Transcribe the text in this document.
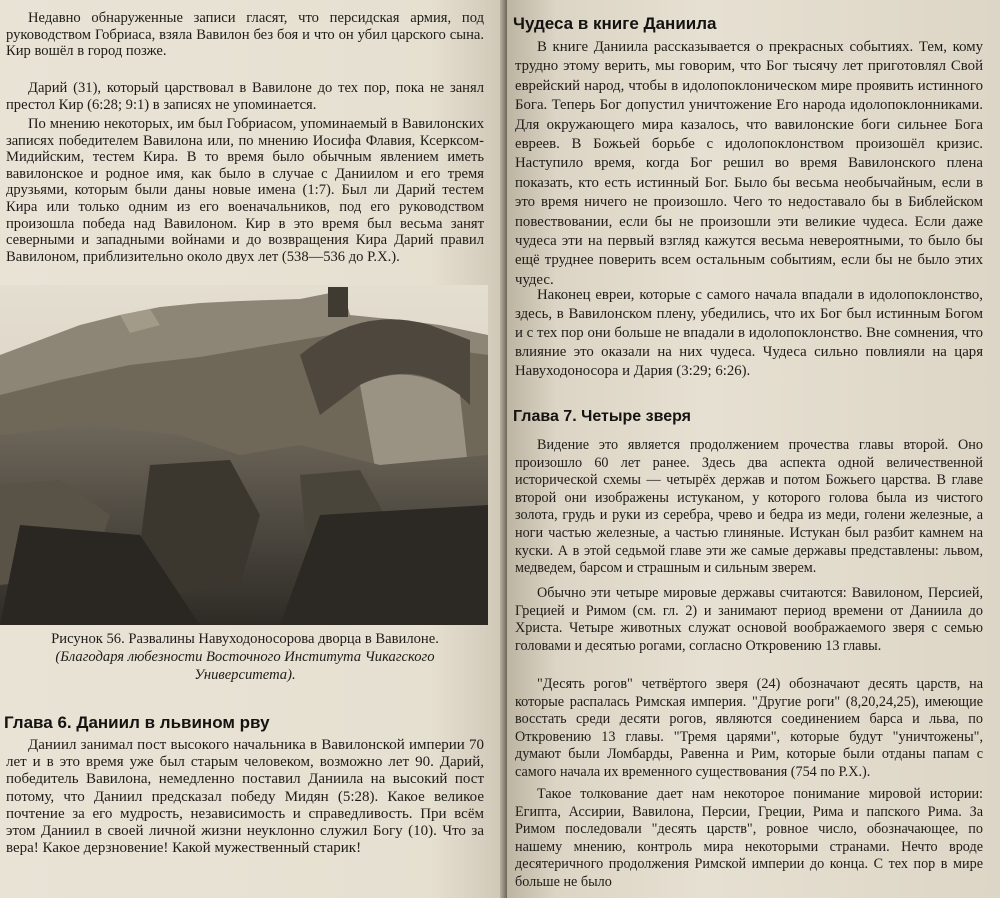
Недавно обнаруженные записи гласят, что персидская армия, под руководством Гобриаса, взяла Вавилон без боя и что он убил царского сына. Кир вошёл в город позже.

Дарий (31), который царствовал в Вавилоне до тех пор, пока не занял престол Кир (6:28; 9:1) в записях не упоминается.

По мнению некоторых, им был Гобриасом, упоминаемый в Вавилонских записях победителем Вавилона или, по мнению Иосифа Флавия, Ксерксом-Мидийским, тестем Кира. В то время было обычным явлением иметь вавилонское и родное имя, как было в случае с Даниилом и его тремя друзьями, которым были даны новые имена (1:7). Был ли Дарий тестем Кира или только одним из его военачальников, под его руководством произошла победа над Вавилоном. Кир в это время был весьма занят северными и западными войнами и до возвращения Кира Дарий правил Вавилоном, приблизительно около двух лет (538—536 до Р.Х.).

Рисунок 56. Развалины Навуходоносорова дворца в Вавилоне.
(Благодаря любезности Восточного Института Чикагского Университета).
Глава 6. Даниил в львином рву

Даниил занимал пост высокого начальника в Вавилонской империи 70 лет и в это время уже был старым человеком, возможно лет 90. Дарий, победитель Вавилона, немедленно поставил Даниила на высокий пост потому, что Даниил предсказал победу Мидян (5:28). Какое великое почтение за его мудрость, независимость и справедливость. При всём этом Даниил в своей личной жизни неуклонно служил Богу (10). Что за вера! Какое дерзновение! Какой мужественный старик!

Чудеса в книге Даниила

В книге Даниила рассказывается о прекрасных событиях. Тем, кому трудно этому верить, мы говорим, что Бог тысячу лет приготовлял Свой еврейский народ, чтобы в идолопоклоническом мире проявить истинного Бога. Теперь Бог допустил уничтожение Его народа идолопоклонниками. Для окружающего мира казалось, что вавилонские боги сильнее Бога евреев. В Божьей борьбе с идолопоклонством произошёл кризис. Наступило время, когда Бог решил во время Вавилонского плена показать, кто есть истинный Бог. Было бы весьма необычайным, если в это время ничего не произошло. Чего то недоставало бы в Библейском повествовании, если бы не произошли эти великие чудеса. Если даже чудеса эти на первый взгляд кажутся весьма невероятными, то было бы ещё труднее поверить всем остальным событиям, если бы не было этих чудес.

Наконец евреи, которые с самого начала впадали в идолопоклонство, здесь, в Вавилонском плену, убедились, что их Бог был истинным Богом и с тех пор они больше не впадали в идолопоклонство. Вне сомнения, что влияние это оказали на них чудеса. Чудеса сильно повлияли на царя Навуходоносора и Дария (3:29; 6:26).

Глава 7. Четыре зверя

Видение это является продолжением прочества главы второй. Оно произошло 60 лет ранее. Здесь два аспекта одной величественной исторической схемы — четырёх держав и потом Божьего царства. В главе второй они изображены истуканом, у которого голова была из чистого золота, грудь и руки из серебра, чрево и бедра из меди, голени железные, а ноги частью железные, а частью глиняные. Истукан был разбит камнем на куски. А в этой седьмой главе эти же самые державы представлены: львом, медведем, барсом и страшным и сильным зверем.

Обычно эти четыре мировые державы считаются: Вавилоном, Персией, Грецией и Римом (см. гл. 2) и занимают период времени от Даниила до Христа. Четыре животных служат основой воображаемого зверя с семью головами и десятью рогами, согласно Откровению 13 главы.

"Десять рогов" четвёртого зверя (24) обозначают десять царств, на которые распалась Римская империя. "Другие роги" (8,20,24,25), имеющие восстать среди десяти рогов, являются соединением барса и льва, по Откровению 13 главы. "Тремя царями", которые будут "уничтожены", думают были Ломбарды, Равенна и Рим, которые были отданы папам с самого начала их временного существования (754 по Р.Х.).

Такое толкование дает нам некоторое понимание мировой истории: Египта, Ассирии, Вавилона, Персии, Греции, Рима и папского Рима. За Римом последовали "десять царств", ровное число, обозначающее, по нашему мнению, контроль мира некоторыми странами. Нечто вроде десятеричного продолжения Римской империи до конца. С тех пор в мире больше не было
